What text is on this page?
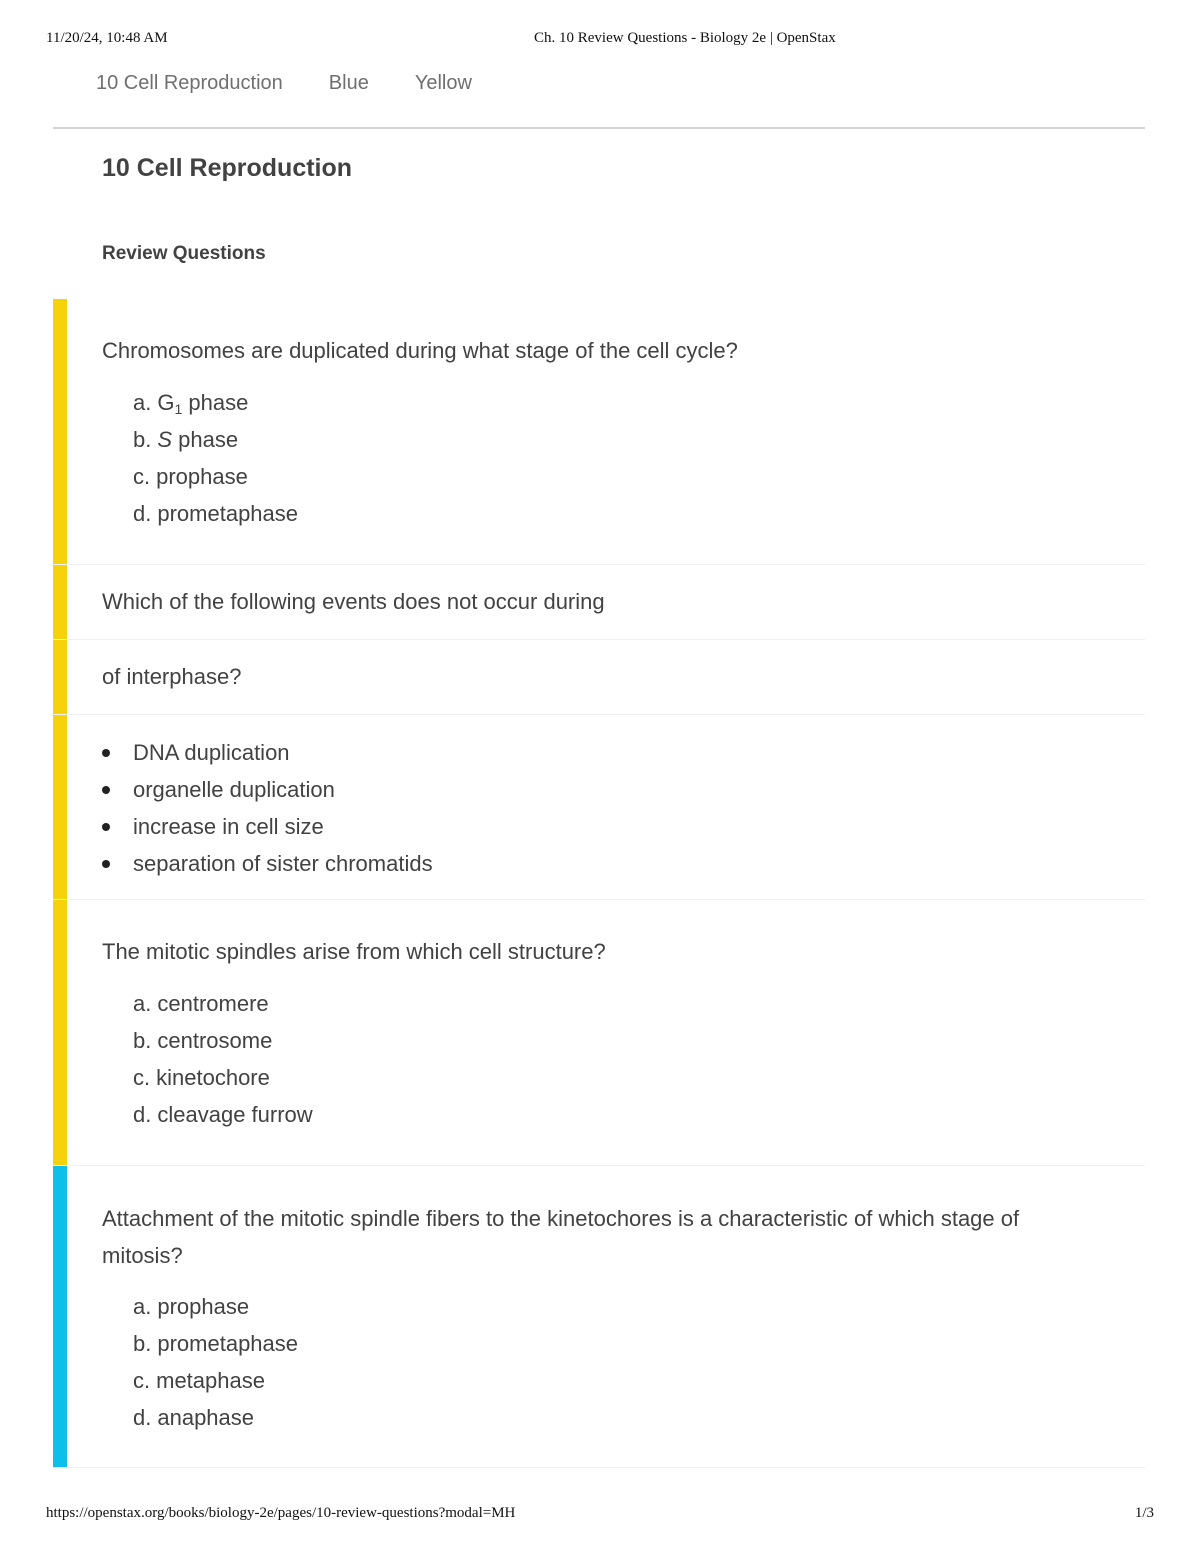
11/20/24, 10:48 AM	Ch. 10 Review Questions - Biology 2e | OpenStax
10 Cell Reproduction Blue Yellow
10 Cell Reproduction
Review Questions

Chromosomes are duplicated during what stage of the cell cycle?

a. $G_1$ phase
b. S phase
c. prophase
d. prometaphase

Which of the following events does not occur during

of interphase?

DNA duplication
organelle duplication
increase in cell size
separation of sister chromatids

The mitotic spindles arise from which cell structure?

a. centromere
b. centrosome
c. kinetochore
d. cleavage furrow

Attachment of the mitotic spindle fibers to the kinetochores is a characteristic of which stage of
mitosis?

a. prophase
b. prometaphase
c. metaphase
d. anaphase
https://openstax.org/books/biology-2e/pages/10-review-questions?modal=MH	1/3
